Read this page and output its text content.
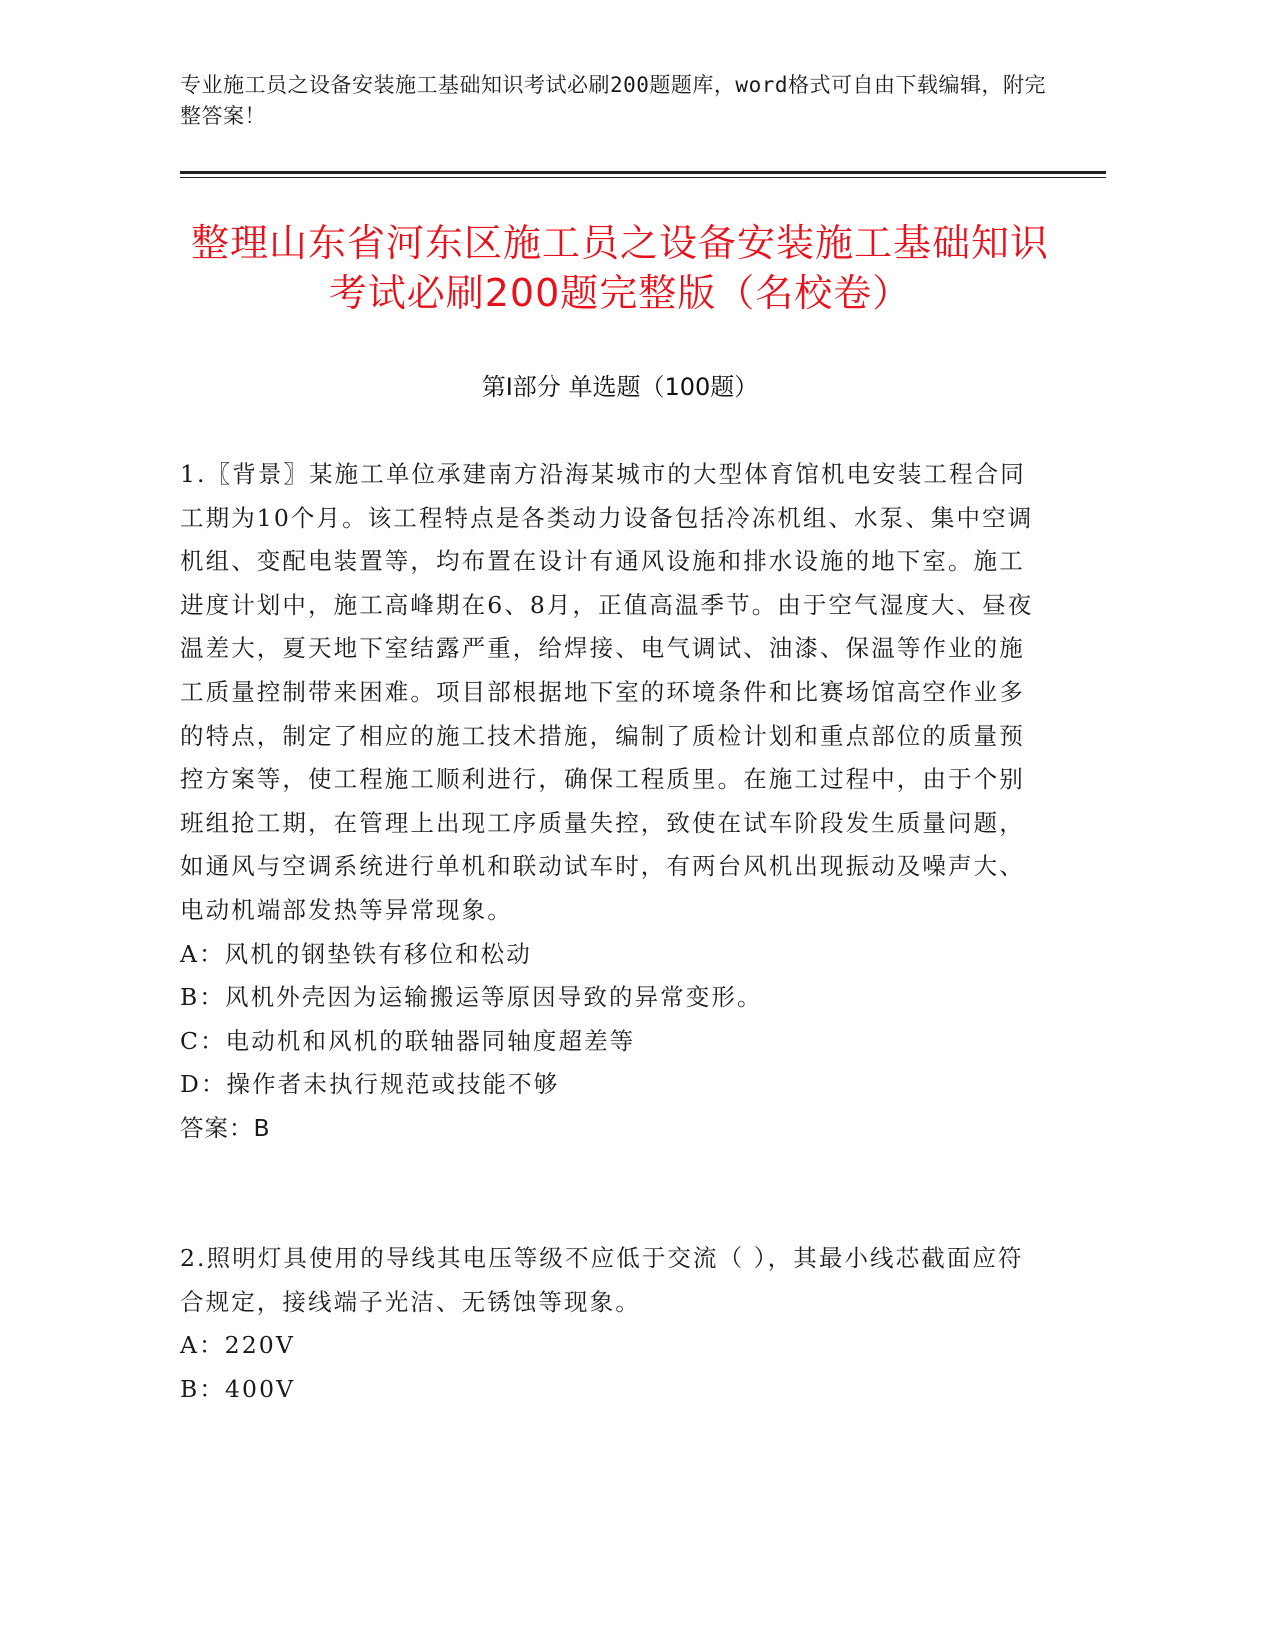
专业施工员之设备安装施工基础知识考试必刷200题题库，word格式可自由下载编辑，附完整答案！
整理山东省河东区施工员之设备安装施工基础知识考试必刷200题完整版（名校卷）
第Ⅰ部分 单选题（100题）
1.〖背景〗某施工单位承建南方沿海某城市的大型体育馆机电安装工程合同工期为10个月。该工程特点是各类动力设备包括冷冻机组、水泵、集中空调机组、变配电装置等，均布置在设计有通风设施和排水设施的地下室。施工进度计划中，施工高峰期在6、8月，正值高温季节。由于空气湿度大、昼夜温差大，夏天地下室结露严重，给焊接、电气调试、油漆、保温等作业的施工质量控制带来困难。项目部根据地下室的环境条件和比赛场馆高空作业多的特点，制定了相应的施工技术措施，编制了质检计划和重点部位的质量预控方案等，使工程施工顺利进行，确保工程质里。在施工过程中，由于个别班组抢工期，在管理上出现工序质量失控，致使在试车阶段发生质量问题，如通风与空调系统进行单机和联动试车时，有两台风机出现振动及噪声大、电动机端部发热等异常现象。
A：风机的钢垫铁有移位和松动
B：风机外壳因为运输搬运等原因导致的异常变形。
C：电动机和风机的联轴器同轴度超差等
D：操作者未执行规范或技能不够
答案：B
2.照明灯具使用的导线其电压等级不应低于交流（ ），其最小线芯截面应符合规定，接线端子光洁、无锈蚀等现象。
A：220V
B：400V
